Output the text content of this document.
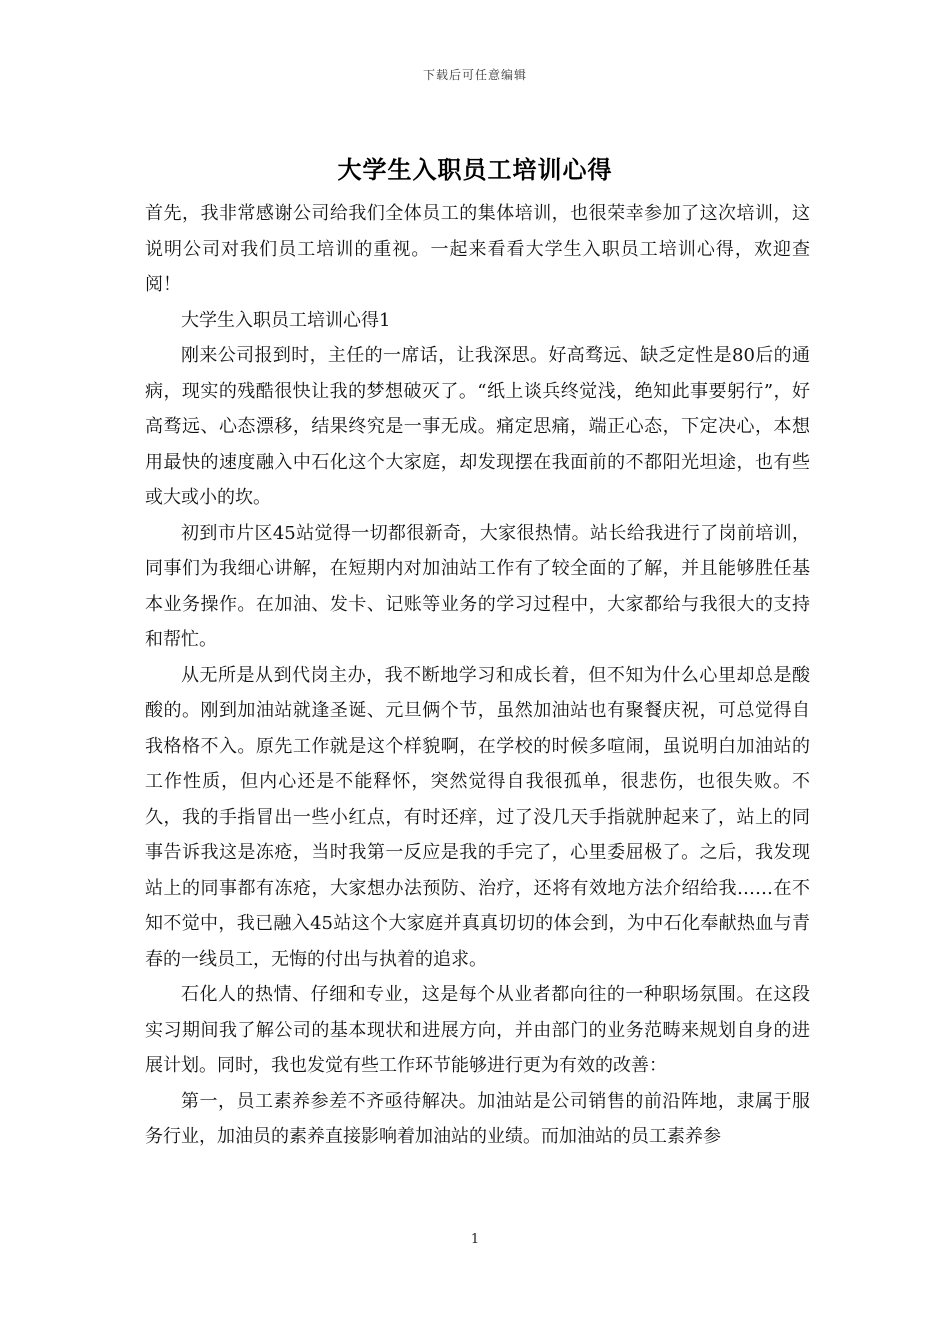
下载后可任意编辑
大学生入职员工培训心得

首先，我非常感谢公司给我们全体员工的集体培训，也很荣幸参加了这次培训，这说明公司对我们员工培训的重视。一起来看看大学生入职员工培训心得，欢迎查阅！

大学生入职员工培训心得1

刚来公司报到时，主任的一席话，让我深思。好高骛远、缺乏定性是80后的通病，现实的残酷很快让我的梦想破灭了。“纸上谈兵终觉浅，绝知此事要躬行”，好高骛远、心态漂移，结果终究是一事无成。痛定思痛，端正心态，下定决心，本想用最快的速度融入中石化这个大家庭，却发现摆在我面前的不都阳光坦途，也有些或大或小的坎。

初到市片区45站觉得一切都很新奇，大家很热情。站长给我进行了岗前培训，同事们为我细心讲解，在短期内对加油站工作有了较全面的了解，并且能够胜任基本业务操作。在加油、发卡、记账等业务的学习过程中，大家都给与我很大的支持和帮忙。

从无所是从到代岗主办，我不断地学习和成长着，但不知为什么心里却总是酸酸的。刚到加油站就逢圣诞、元旦俩个节，虽然加油站也有聚餐庆祝，可总觉得自我格格不入。原先工作就是这个样貌啊，在学校的时候多喧闹，虽说明白加油站的工作性质，但内心还是不能释怀，突然觉得自我很孤单，很悲伤，也很失败。不久，我的手指冒出一些小红点，有时还痒，过了没几天手指就肿起来了，站上的同事告诉我这是冻疮，当时我第一反应是我的手完了，心里委屈极了。之后，我发现站上的同事都有冻疮，大家想办法预防、治疗，还将有效地方法介绍给我……在不知不觉中，我已融入45站这个大家庭并真真切切的体会到，为中石化奉献热血与青春的一线员工，无悔的付出与执着的追求。

石化人的热情、仔细和专业，这是每个从业者都向往的一种职场氛围。在这段实习期间我了解公司的基本现状和进展方向，并由部门的业务范畴来规划自身的进展计划。同时，我也发觉有些工作环节能够进行更为有效的改善：

第一，员工素养参差不齐亟待解决。加油站是公司销售的前沿阵地，隶属于服务行业，加油员的素养直接影响着加油站的业绩。而加油站的员工素养参

1
